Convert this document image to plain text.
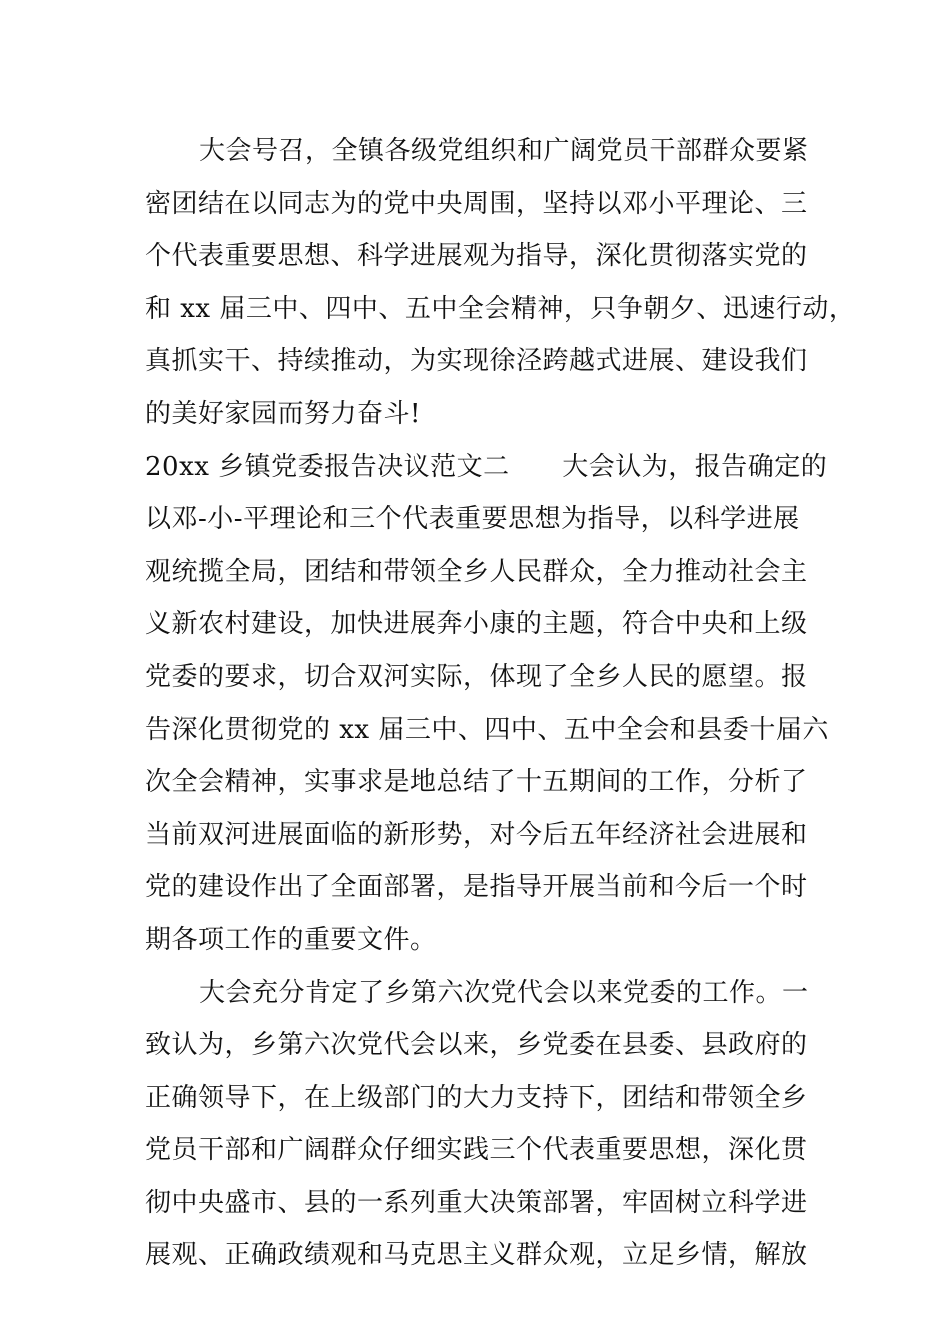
大会号召，全镇各级党组织和广阔党员干部群众要紧
密团结在以同志为的党中央周围，坚持以邓小平理论、三
个代表重要思想、科学进展观为指导，深化贯彻落实党的
和 xx 届三中、四中、五中全会精神，只争朝夕、迅速行动，
真抓实干、持续推动，为实现徐泾跨越式进展、建设我们
的美好家园而努力奋斗!
20xx 乡镇党委报告决议范文二      大会认为，报告确定的
以邓-小-平理论和三个代表重要思想为指导，以科学进展
观统揽全局，团结和带领全乡人民群众，全力推动社会主
义新农村建设，加快进展奔小康的主题，符合中央和上级
党委的要求，切合双河实际，体现了全乡人民的愿望。报
告深化贯彻党的 xx 届三中、四中、五中全会和县委十届六
次全会精神，实事求是地总结了十五期间的工作，分析了
当前双河进展面临的新形势，对今后五年经济社会进展和
党的建设作出了全面部署，是指导开展当前和今后一个时
期各项工作的重要文件。
大会充分肯定了乡第六次党代会以来党委的工作。一
致认为，乡第六次党代会以来，乡党委在县委、县政府的
正确领导下，在上级部门的大力支持下，团结和带领全乡
党员干部和广阔群众仔细实践三个代表重要思想，深化贯
彻中央盛市、县的一系列重大决策部署，牢固树立科学进
展观、正确政绩观和马克思主义群众观，立足乡情，解放
